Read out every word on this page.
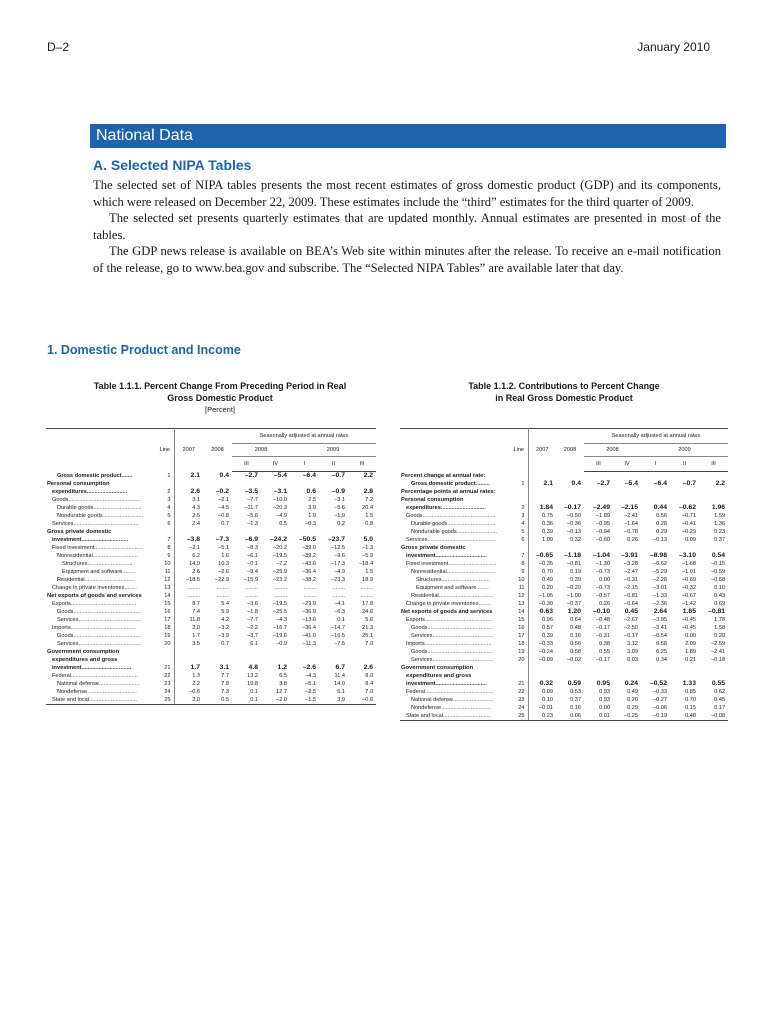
D–2	January 2010
National Data
A. Selected NIPA Tables

The selected set of NIPA tables presents the most recent estimates of gross domestic product (GDP) and its components, which were released on December 22, 2009. These estimates include the “third” estimates for the third quarter of 2009.

The selected set presents quarterly estimates that are updated monthly. Annual estimates are presented in most of the tables.

The GDP news release is available on BEA’s Web site within minutes after the release. To receive an e-mail notification of the release, go to www.bea.gov and subscribe. The “Selected NIPA Tables” are available later that day.

1. Domestic Product and Income
Table 1.1.1. Percent Change From Preceding Period in Real
Gross Domestic Product
[Percent]
Table 1.1.2. Contributions to Percent Change
in Real Gross Domestic Product
	Line	2007	2008	Seasonally adjusted at annual rates				
				2008		2009		
				III	IV	I	II	III
Gross domestic product.......	1	2.1	0.4	–2.7	–5.4	–6.4	–0.7	2.2
Personal consumption								
expenditures..........................	2	2.6	–0.2	–3.5	–3.1	0.6	–0.9	2.8
Goods..............................................	3	3.1	–2.1	–7.7	–10.0	2.5	–3.1	7.2
Durable goods...............................	4	4.3	–4.5	–11.7	–20.3	3.9	–5.6	20.4
Nondurable goods..........................	5	2.5	–0.8	–5.6	–4.9	1.9	–1.9	1.5
Services..........................................	6	2.4	0.7	–1.3	0.5	–0.3	0.2	0.8
Gross private domestic								
investment..............................	7	–3.8	–7.3	–6.9	–24.2	–50.5	–23.7	5.0
Fixed investment...............................	8	–2.1	–5.1	–8.3	–20.2	–39.0	–12.5	–1.3
Nonresidential.............................	9	6.2	1.6	–6.1	–19.5	–39.2	–9.6	–5.9
Structures.............................	10	14.9	10.3	–0.1	–7.2	–43.6	–17.3	–18.4
Equipment and software........	11	2.6	–2.6	–9.4	–25.9	–36.4	–4.9	1.5
Residential................................	12	–18.5	–22.9	–15.9	–23.2	–38.2	–23.3	18.9
Change in private inventories........	13	........	........	........	........	........	........	........
Net exports of goods and services	14	........	........	........	........	........	........	........
Exports..........................................	15	8.7	5.4	–3.6	–19.5	–29.9	–4.1	17.8
Goods...........................................	16	7.4	5.9	–1.8	–25.5	–36.9	–6.3	24.6
Services........................................	17	11.8	4.2	–7.7	–4.3	–13.6	0.1	5.6
Imports..........................................	18	2.0	–3.2	–2.2	–16.7	–36.4	–14.7	21.3
Goods...........................................	19	1.7	–3.9	–3.7	–19.6	–41.0	–16.5	25.1
Services........................................	20	3.5	0.7	6.1	–0.9	–11.3	–7.5	7.0
Government consumption								
expenditures and gross								
investment................................	21	1.7	3.1	4.8	1.2	–2.6	6.7	2.6
Federal...........................................	22	1.3	7.7	13.2	6.5	–4.3	11.4	8.0
National defense..........................	23	2.2	7.8	19.8	3.8	–5.1	14.0	8.4
Nondefense................................	24	–0.6	7.3	0.1	12.7	–2.5	6.1	7.0
State and local...............................	25	2.0	0.5	0.1	–2.0	–1.5	3.9	–0.6
	Line	2007	2008	Seasonally adjusted at annual rates				
				2008		2009		
				III	IV	I	II	III
Percent change at annual rate:								
Gross domestic product.........	1	2.1	0.4	–2.7	–5.4	–6.4	–0.7	2.2
Percentage points at annual rates:								
Personal consumption								
expenditures.............................	2	1.84	–0.17	–2.49	–2.15	0.44	–0.62	1.96
Goods...............................................	3	0.75	–0.50	–1.89	–2.41	0.56	–0.71	1.59
Durable goods...............................	4	0.36	–0.36	–0.95	–1.64	0.28	–0.41	1.36
Nondurable goods..........................	5	0.39	–0.13	–0.94	–0.78	0.29	–0.29	0.23
Services............................................	6	1.09	0.32	–0.60	0.26	–0.13	0.09	0.37
Gross private domestic								
investment.................................	7	–0.65	–1.18	–1.04	–3.91	–8.98	–3.10	0.54
Fixed investment...............................	8	–0.35	–0.81	–1.30	–3.28	–6.62	–1.68	–0.15
Nonresidential...............................	9	0.70	0.19	–0.73	–2.47	–5.29	–1.01	–0.59
Structures...............................	10	0.49	0.39	0.00	–0.31	–2.28	–0.69	–0.68
Equipment and software........	11	0.20	–0.20	–0.73	–2.15	–3.01	–0.32	0.10
Residential...................................	12	–1.05	–1.00	–0.57	–0.81	–1.33	–0.67	0.43
Change in private inventories........	13	–0.30	–0.37	0.26	–0.64	–2.36	–1.42	0.69
Net exports of goods and services	14	0.63	1.20	–0.10	0.45	2.64	1.65	–0.81
Exports...........................................	15	0.96	0.64	–0.48	–2.67	–3.95	–0.45	1.78
Goods..........................................	16	0.57	0.48	–0.17	–2.50	–3.41	–0.45	1.58
Services.......................................	17	0.39	0.16	–0.31	–0.17	–0.54	0.00	0.20
Imports...........................................	18	–0.33	0.56	0.38	3.12	6.58	2.09	–2.59
Goods..........................................	19	–0.24	0.58	0.55	3.09	6.25	1.89	–2.41
Services.......................................	20	–0.09	–0.02	–0.17	0.03	0.34	0.21	–0.18
Government consumption								
expenditures and gross								
investment.................................	21	0.32	0.59	0.95	0.24	–0.52	1.33	0.55
Federal............................................	22	0.09	0.53	0.93	0.49	–0.33	0.85	0.62
National defense..........................	23	0.10	0.37	0.93	0.20	–0.27	0.70	0.45
Nondefense................................	24	–0.01	0.16	0.00	0.29	–0.06	0.15	0.17
State and local...............................	25	0.23	0.06	0.01	–0.25	–0.19	0.48	–0.08
